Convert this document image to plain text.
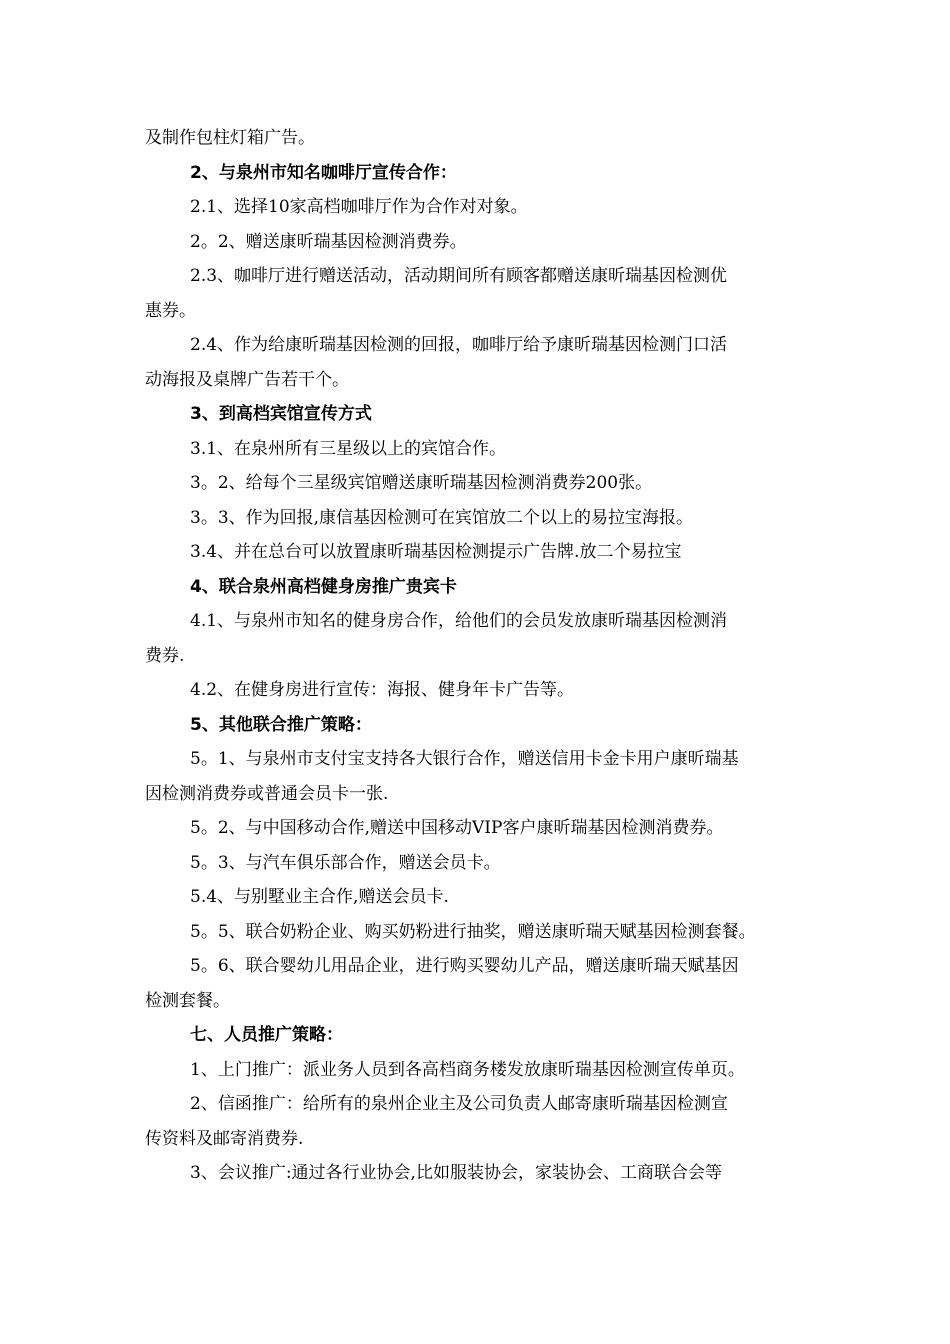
及制作包柱灯箱广告。
2、与泉州市知名咖啡厅宣传合作：
2.1、选择10家高档咖啡厅作为合作对对象。
2。2、赠送康昕瑞基因检测消费券。
2.3、咖啡厅进行赠送活动，活动期间所有顾客都赠送康昕瑞基因检测优
惠券。
2.4、作为给康昕瑞基因检测的回报，咖啡厅给予康昕瑞基因检测门口活
动海报及桌牌广告若干个。
3、到高档宾馆宣传方式
3.1、在泉州所有三星级以上的宾馆合作。
3。2、给每个三星级宾馆赠送康昕瑞基因检测消费券200张。
3。3、作为回报,康信基因检测可在宾馆放二个以上的易拉宝海报。
3.4、并在总台可以放置康昕瑞基因检测提示广告牌.放二个易拉宝
4、联合泉州高档健身房推广贵宾卡
4.1、与泉州市知名的健身房合作，给他们的会员发放康昕瑞基因检测消
费券.
4.2、在健身房进行宣传：海报、健身年卡广告等。
5、其他联合推广策略：
5。1、与泉州市支付宝支持各大银行合作，赠送信用卡金卡用户康昕瑞基
因检测消费券或普通会员卡一张.
5。2、与中国移动合作,赠送中国移动VIP客户康昕瑞基因检测消费券。
5。3、与汽车俱乐部合作，赠送会员卡。
5.4、与别墅业主合作,赠送会员卡.
5。5、联合奶粉企业、购买奶粉进行抽奖，赠送康昕瑞天赋基因检测套餐。
5。6、联合婴幼儿用品企业，进行购买婴幼儿产品，赠送康昕瑞天赋基因
检测套餐。
七、人员推广策略：
1、上门推广：派业务人员到各高档商务楼发放康昕瑞基因检测宣传单页。
2、信函推广：给所有的泉州企业主及公司负责人邮寄康昕瑞基因检测宣
传资料及邮寄消费券.
3、会议推广:通过各行业协会,比如服装协会，家装协会、工商联合会等
